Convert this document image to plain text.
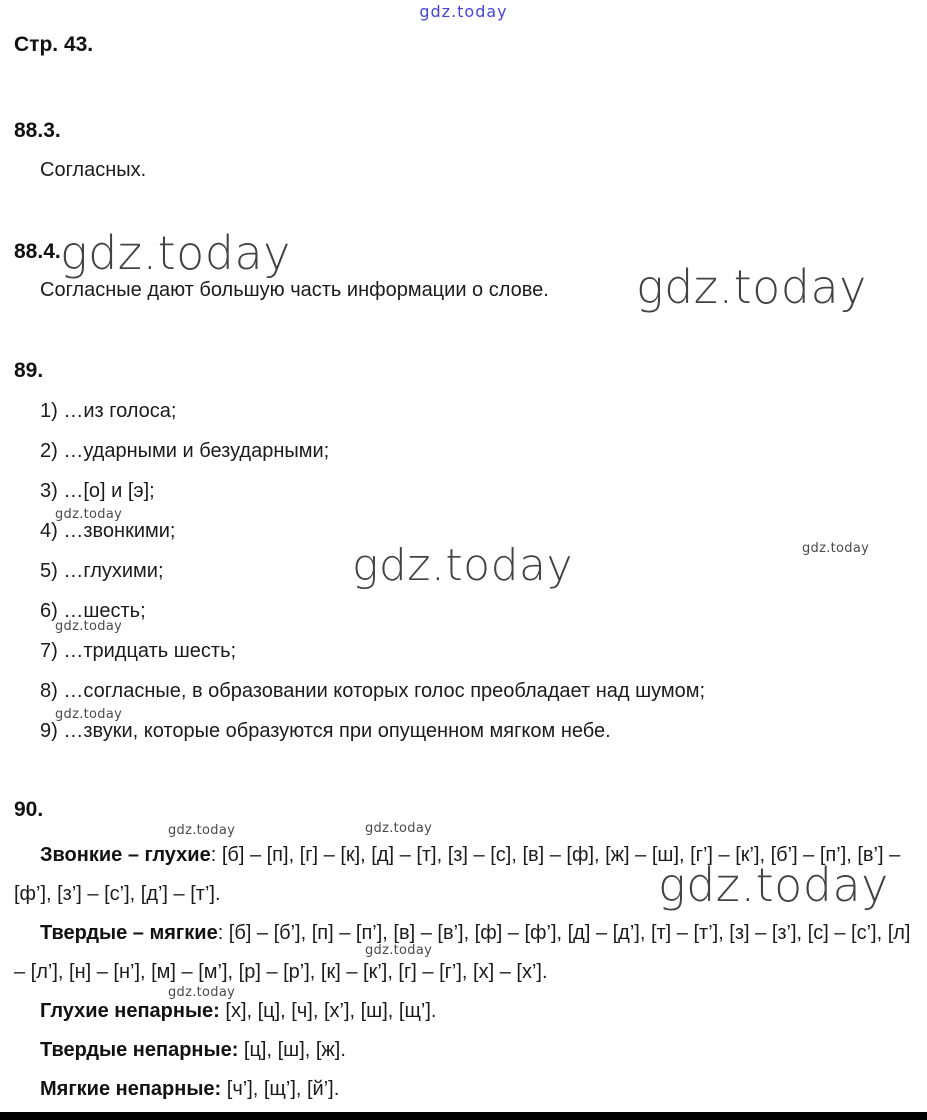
gdz.today
Стр. 43.
88.3.

Согласных.

88.4.

Согласные дают большую часть информации о слове.

89.

1) …из голоса;

2) …ударными и безударными;

3) …[о] и [э];

4) …звонкими;

5) …глухими;

6) …шесть;

7) …тридцать шесть;

8) …согласные, в образовании которых голос преобладает над шумом;

9) …звуки, которые образуются при опущенном мягком небе.

90.

Звонкие – глухие: [б] – [п], [г] – [к], [д] – [т], [з] – [с], [в] – [ф], [ж] – [ш], [г’] – [к’], [б’] – [п’], [в’] – [ф’], [з’] – [с’], [д’] – [т’].

Твердые – мягкие: [б] – [б’], [п] – [п’], [в] – [в’], [ф] – [ф’], [д] – [д’], [т] – [т’], [з] – [з’], [с] – [с’], [л] – [л’], [н] – [н’], [м] – [м’], [р] – [р’], [к] – [к’], [г] – [г’], [х] – [х’].

Глухие непарные: [х], [ц], [ч], [х’], [ш], [щ’].

Твердые непарные: [ц], [ш], [ж].

Мягкие непарные: [ч’], [щ’], [й’].

gdz.today
gdz.today
gdz.today
gdz.today	gdz.today
gdz.today
gdz.today
gdz.today	gdz.today
gdz.today
gdz.today
gdz.today
